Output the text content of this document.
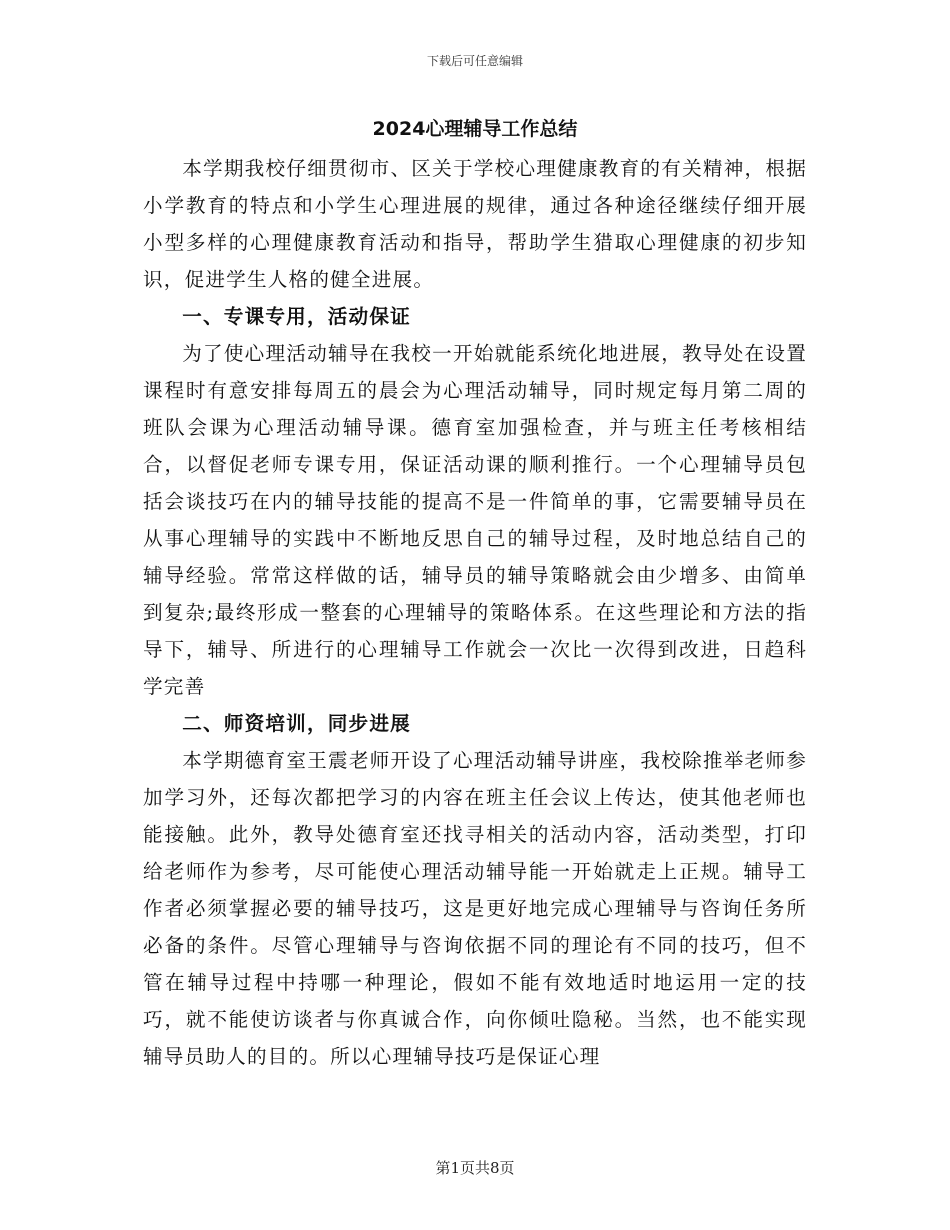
下载后可任意编辑
2024心理辅导工作总结

本学期我校仔细贯彻市、区关于学校心理健康教育的有关精神，根据小学教育的特点和小学生心理进展的规律，通过各种途径继续仔细开展小型多样的心理健康教育活动和指导，帮助学生猎取心理健康的初步知识，促进学生人格的健全进展。

一、专课专用，活动保证

为了使心理活动辅导在我校一开始就能系统化地进展，教导处在设置课程时有意安排每周五的晨会为心理活动辅导，同时规定每月第二周的班队会课为心理活动辅导课。德育室加强检查，并与班主任考核相结合，以督促老师专课专用，保证活动课的顺利推行。一个心理辅导员包括会谈技巧在内的辅导技能的提高不是一件简单的事，它需要辅导员在从事心理辅导的实践中不断地反思自己的辅导过程，及时地总结自己的辅导经验。常常这样做的话，辅导员的辅导策略就会由少增多、由简单到复杂;最终形成一整套的心理辅导的策略体系。在这些理论和方法的指导下，辅导、所进行的心理辅导工作就会一次比一次得到改进，日趋科学完善

二、师资培训，同步进展

本学期德育室王震老师开设了心理活动辅导讲座，我校除推举老师参加学习外，还每次都把学习的内容在班主任会议上传达，使其他老师也能接触。此外，教导处德育室还找寻相关的活动内容，活动类型，打印给老师作为参考，尽可能使心理活动辅导能一开始就走上正规。辅导工作者必须掌握必要的辅导技巧，这是更好地完成心理辅导与咨询任务所必备的条件。尽管心理辅导与咨询依据不同的理论有不同的技巧，但不管在辅导过程中持哪一种理论，假如不能有效地适时地运用一定的技巧，就不能使访谈者与你真诚合作，向你倾吐隐秘。当然，也不能实现辅导员助人的目的。所以心理辅导技巧是保证心理

第1页共8页
